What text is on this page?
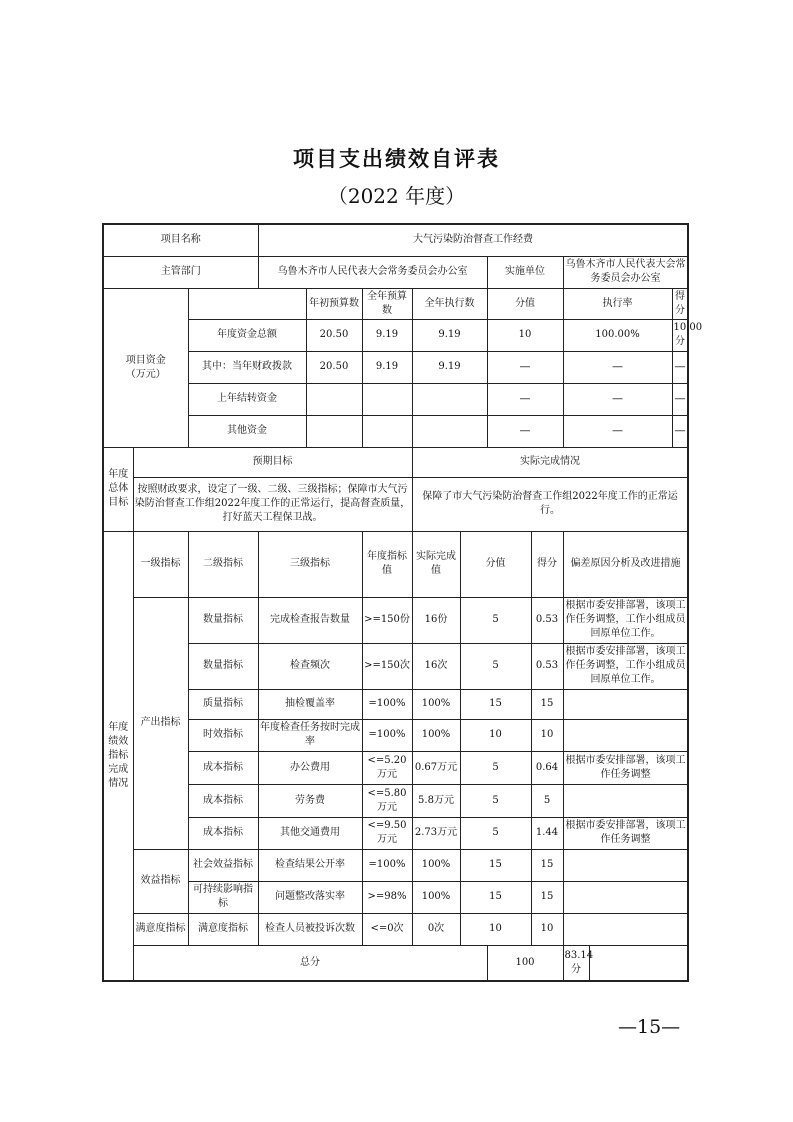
项目支出绩效自评表
（2022 年度）
项目名称			大气污染防治督查工作经费									
主管部门			乌鲁木齐市人民代表大会常务委员会办公室					实施单位		乌鲁木齐市人民代表大会常务委员会办公室		
项目资金
（万元）				年初预算数	全年预算数	全年执行数		分值		执行率		得分
		年度资金总额		20.50	9.19	9.19		10		100.00%		10.00分
		其中：当年财政拨款		20.50	9.19	9.19		—		—		—
		上年结转资金						—		—		—
		其他资金						—		—		—
年度总体目标	预期目标					实际完成情况						
	按照财政要求，设定了一级、二级、三级指标；保障市大气污染防治督查工作组2022年度工作的正常运行，提高督查质量，打好蓝天工程保卫战。					保障了市大气污染防治督查工作组2022年度工作的正常运行。						
年度绩效指标完成情况	一级指标	二级指标	三级指标		年度指标值	实际完成值	分值		得分	偏差原因分析及改进措施		
	产出指标	数量指标	完成检查报告数量		>=150份	16份	5		0.53	根据市委安排部署，该项工作任务调整，工作小组成员回原单位工作。		
		数量指标	检查频次		>=150次	16次	5		0.53	根据市委安排部署，该项工作任务调整，工作小组成员回原单位工作。		
		质量指标	抽检覆盖率		=100%	100%	15		15			
		时效指标	年度检查任务按时完成率		=100%	100%	10		10			
		成本指标	办公费用		<=5.20万元	0.67万元	5		0.64	根据市委安排部署，该项工作任务调整		
		成本指标	劳务费		<=5.80万元	5.8万元	5		5			
		成本指标	其他交通费用		<=9.50万元	2.73万元	5		1.44	根据市委安排部署，该项工作任务调整		
	效益指标	社会效益指标	检查结果公开率		=100%	100%	15		15			
		可持续影响指标	问题整改落实率		>=98%	100%	15		15			
	满意度指标	满意度指标	检查人员被投诉次数		<=0次	0次	10		10			
	总分							100		83.14分		
—15—
